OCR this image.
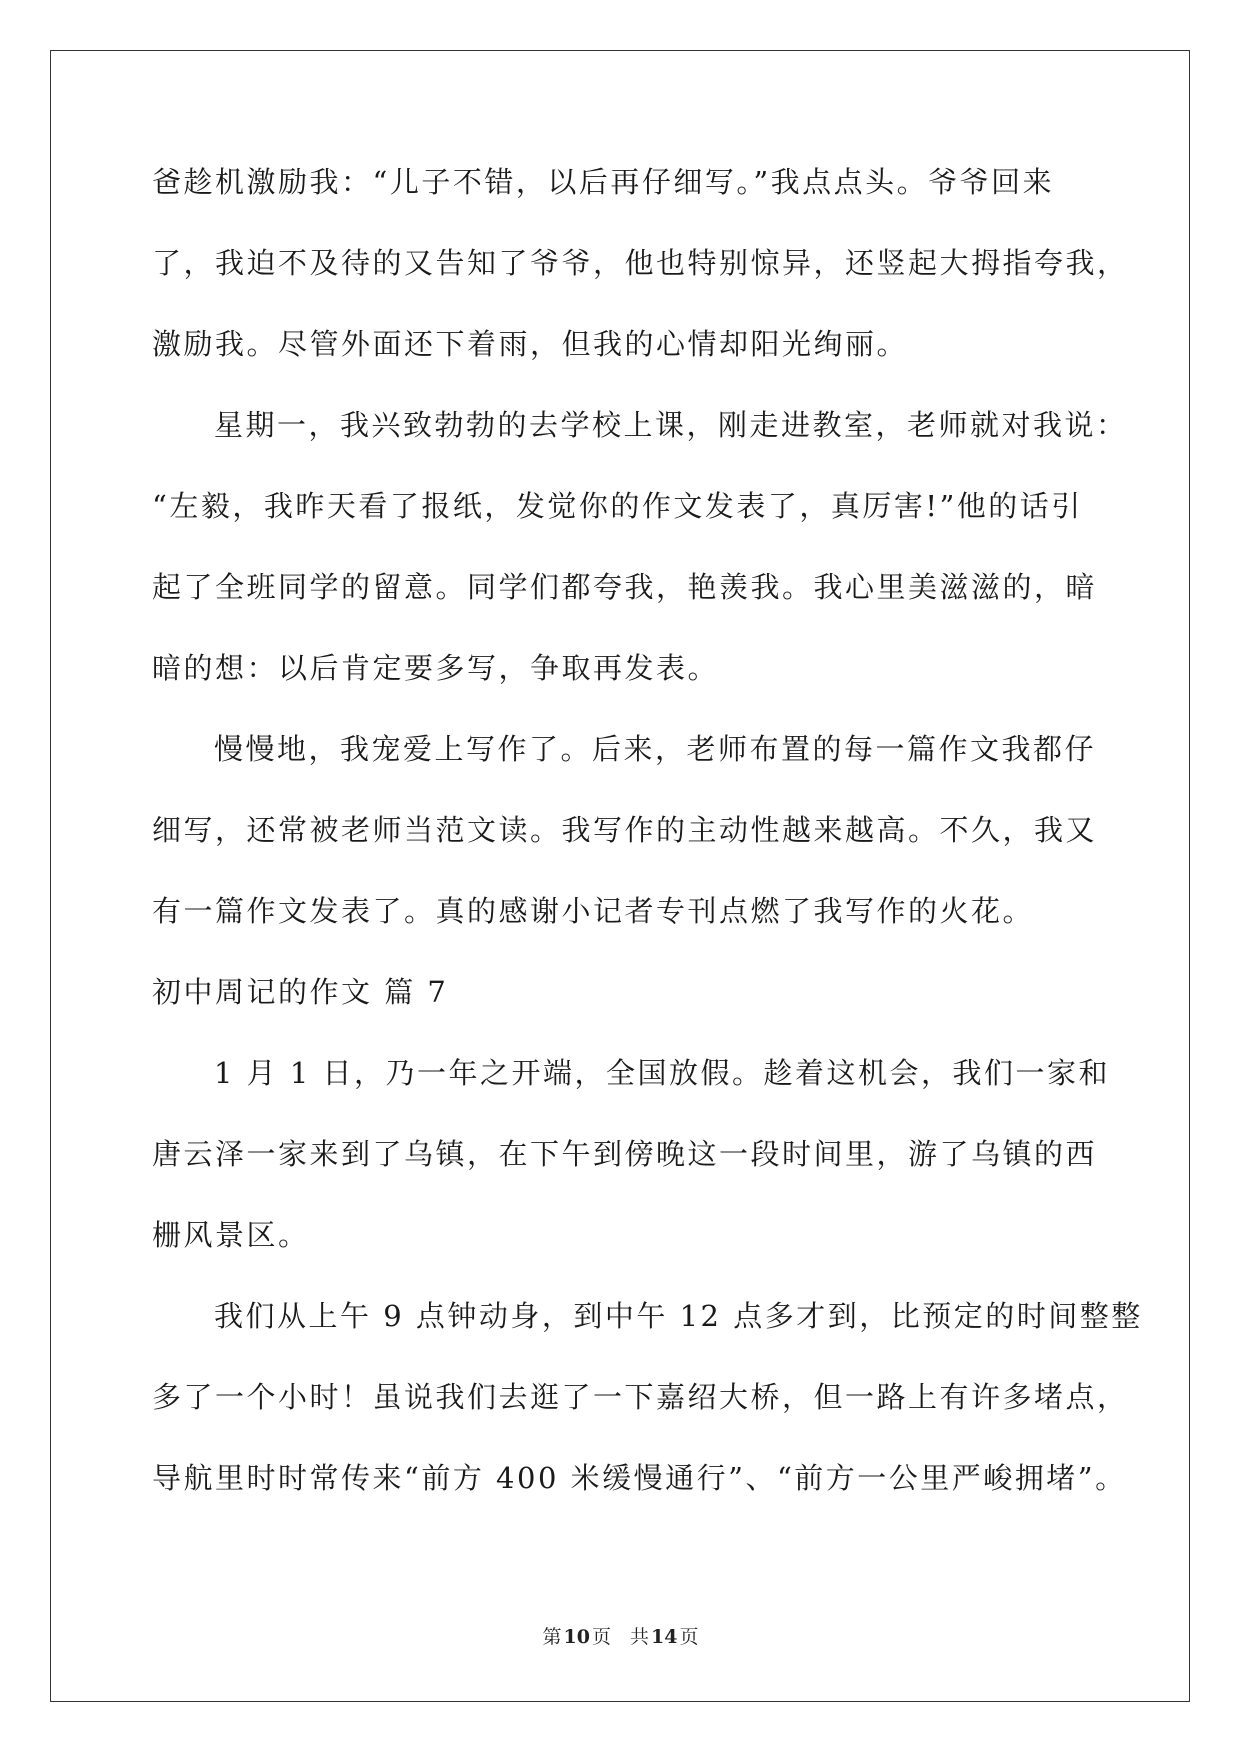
爸趁机激励我：“儿子不错，以后再仔细写。”我点点头。爷爷回来
了，我迫不及待的又告知了爷爷，他也特别惊异，还竖起大拇指夸我，
激励我。尽管外面还下着雨，但我的心情却阳光绚丽。
星期一，我兴致勃勃的去学校上课，刚走进教室，老师就对我说：
“左毅，我昨天看了报纸，发觉你的作文发表了，真厉害!”他的话引
起了全班同学的留意。同学们都夸我，艳羡我。我心里美滋滋的，暗
暗的想：以后肯定要多写，争取再发表。
慢慢地，我宠爱上写作了。后来，老师布置的每一篇作文我都仔
细写，还常被老师当范文读。我写作的主动性越来越高。不久，我又
有一篇作文发表了。真的感谢小记者专刊点燃了我写作的火花。
初中周记的作文 篇 7
1 月 1 日，乃一年之开端，全国放假。趁着这机会，我们一家和
唐云泽一家来到了乌镇，在下午到傍晚这一段时间里，游了乌镇的西
栅风景区。
我们从上午 9 点钟动身，到中午 12 点多才到，比预定的时间整整
多了一个小时！虽说我们去逛了一下嘉绍大桥，但一路上有许多堵点，
导航里时时常传来“前方 400 米缓慢通行”、“前方一公里严峻拥堵”。
第 10 页　共 14 页
